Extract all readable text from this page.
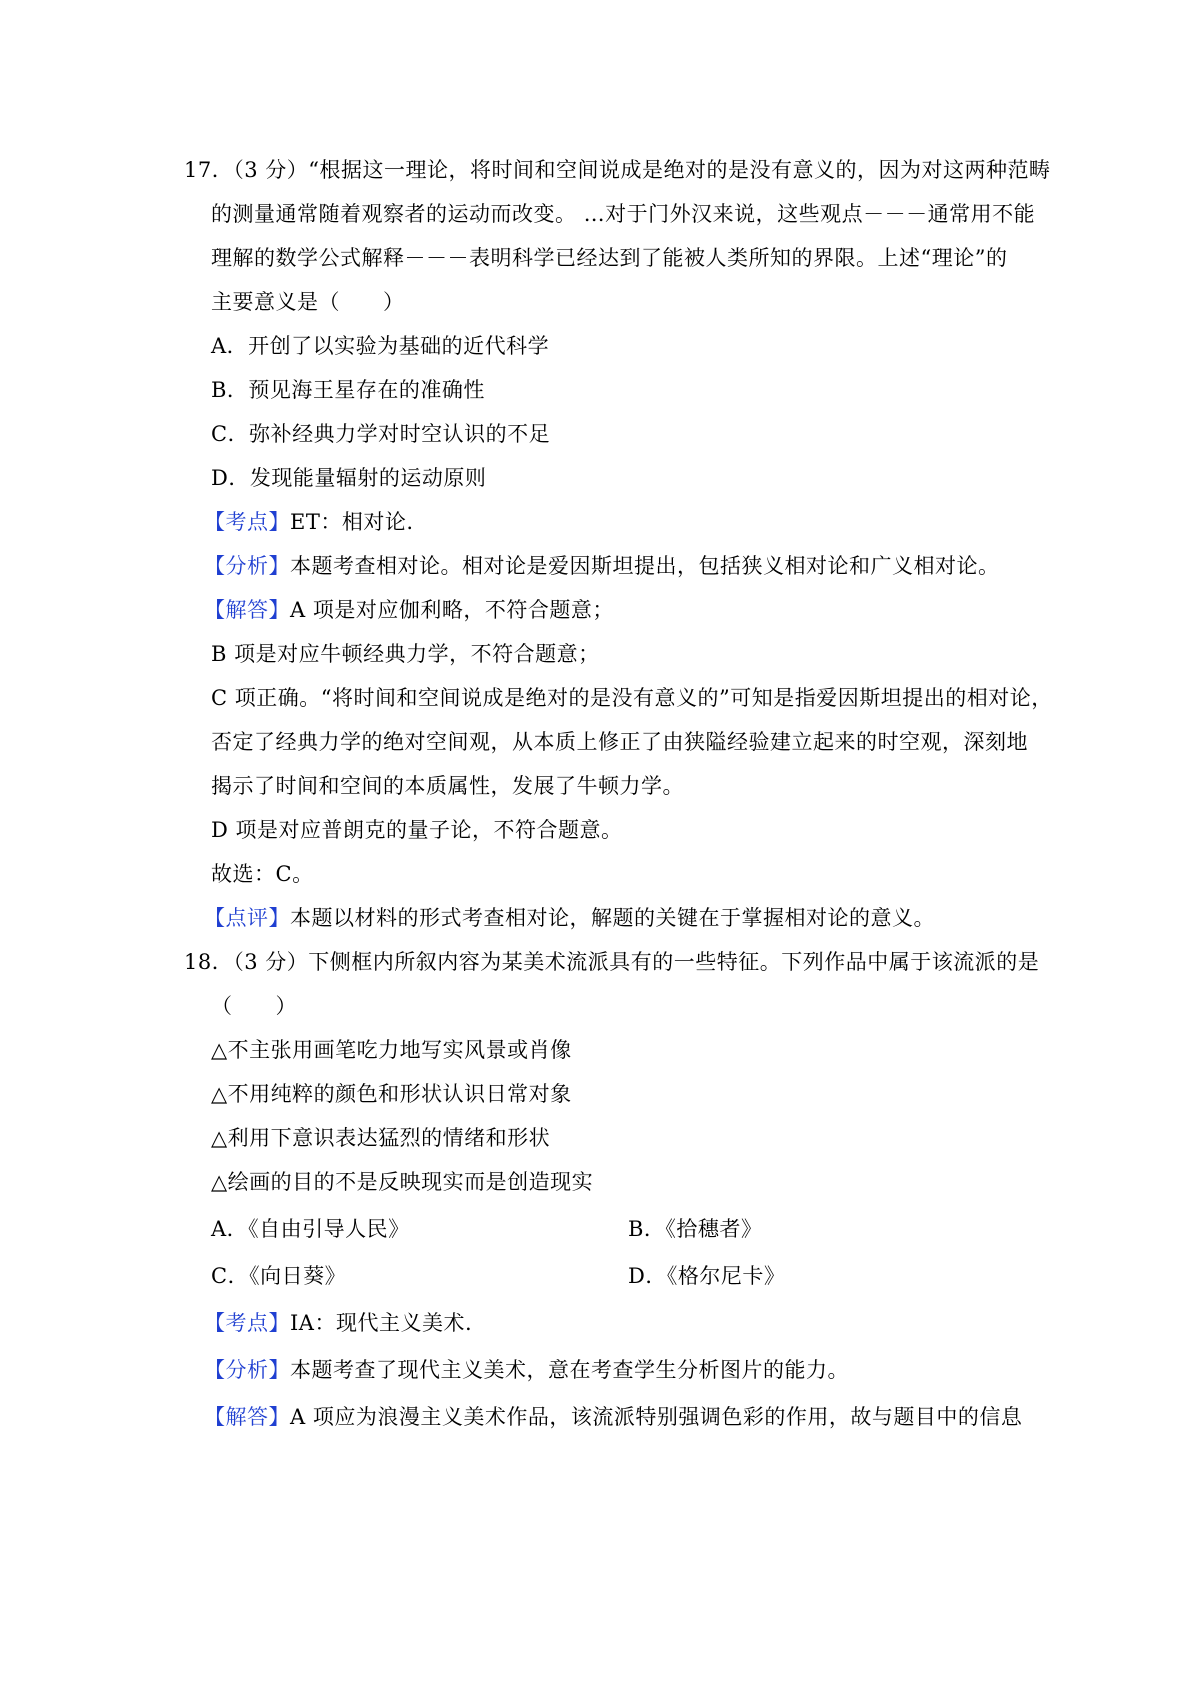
17．（3 分）“根据这一理论，将时间和空间说成是绝对的是没有意义的，因为对这两种范畴
的测量通常随着观察者的运动而改变。 …对于门外汉来说，这些观点－－－通常用不能
理解的数学公式解释－－－表明科学已经达到了能被人类所知的界限。上述“理论”的
主要意义是（　　）
A．开创了以实验为基础的近代科学
B．预见海王星存在的准确性
C．弥补经典力学对时空认识的不足
D．发现能量辐射的运动原则
【考点】ET：相对论.
【分析】本题考查相对论。相对论是爱因斯坦提出，包括狭义相对论和广义相对论。
【解答】A 项是对应伽利略，不符合题意；
B 项是对应牛顿经典力学，不符合题意；
C 项正确。“将时间和空间说成是绝对的是没有意义的”可知是指爱因斯坦提出的相对论，
否定了经典力学的绝对空间观，从本质上修正了由狭隘经验建立起来的时空观，深刻地
揭示了时间和空间的本质属性，发展了牛顿力学。
D 项是对应普朗克的量子论，不符合题意。
故选：C。
【点评】本题以材料的形式考查相对论，解题的关键在于掌握相对论的意义。
18．（3 分）下侧框内所叙内容为某美术流派具有的一些特征。下列作品中属于该流派的是
（　　）
△不主张用画笔吃力地写实风景或肖像
△不用纯粹的颜色和形状认识日常对象
△利用下意识表达猛烈的情绪和形状
△绘画的目的不是反映现实而是创造现实
A．《自由引导人民》	B．《拾穗者》
C．《向日葵》	D．《格尔尼卡》
【考点】IA：现代主义美术.
【分析】本题考查了现代主义美术，意在考查学生分析图片的能力。
【解答】A 项应为浪漫主义美术作品，该流派特别强调色彩的作用，故与题目中的信息
